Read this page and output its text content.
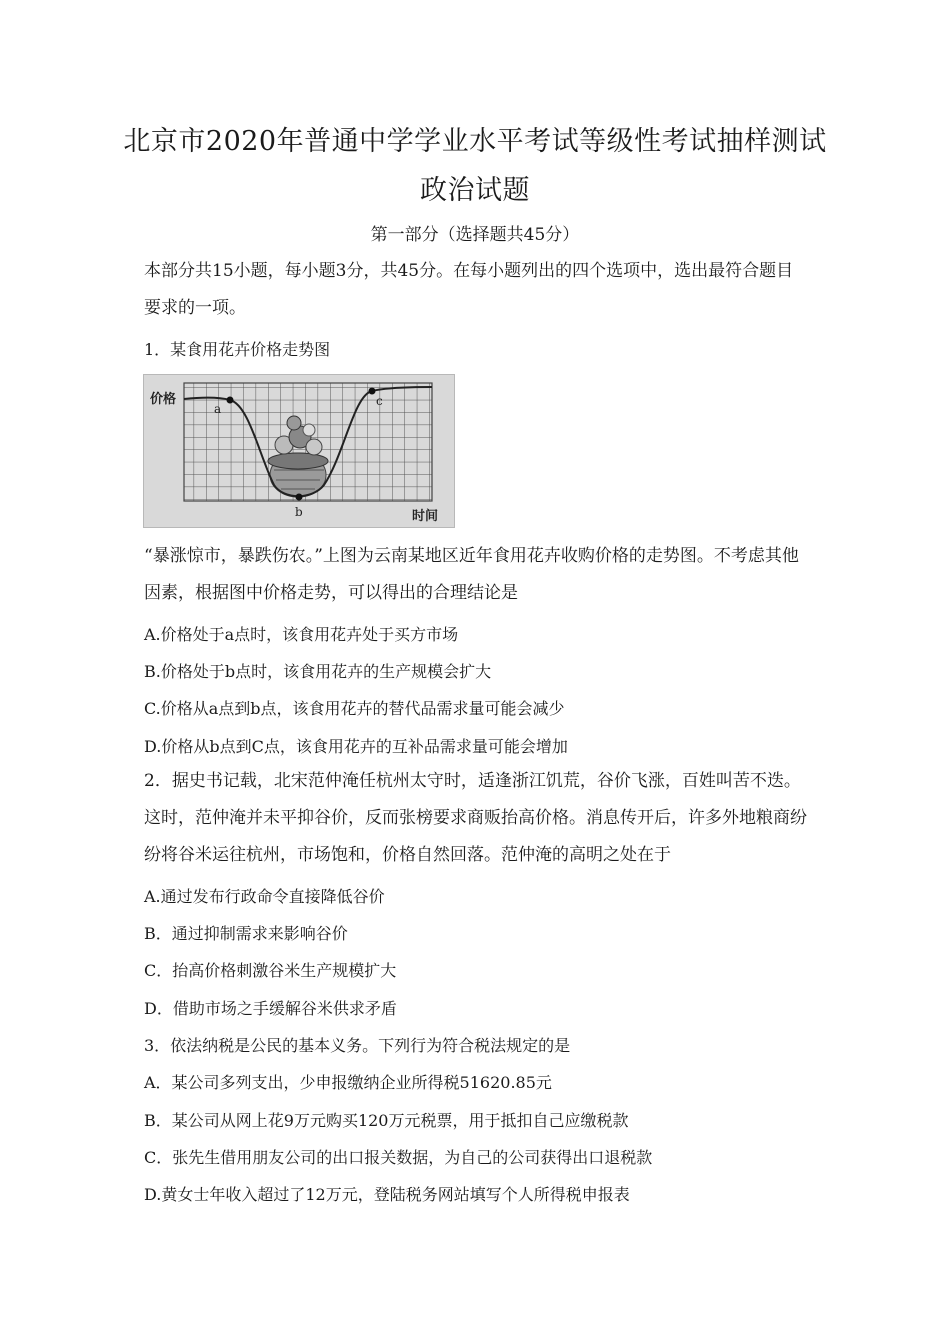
北京市2020年普通中学学业水平考试等级性考试抽样测试
政治试题
第一部分（选择题共45分）

本部分共15小题，每小题3分，共45分。在每小题列出的四个选项中，选出最符合题目要求的一项。

1．某食用花卉价格走势图
价格
时间
a
c
b

“暴涨惊市，暴跌伤农。”上图为云南某地区近年食用花卉收购价格的走势图。不考虑其他因素，根据图中价格走势，可以得出的合理结论是

A.价格处于a点时，该食用花卉处于买方市场
B.价格处于b点时，该食用花卉的生产规模会扩大
C.价格从a点到b点，该食用花卉的替代品需求量可能会减少
D.价格从b点到C点，该食用花卉的互补品需求量可能会增加

2．据史书记载，北宋范仲淹任杭州太守时，适逢浙江饥荒，谷价飞涨，百姓叫苦不迭。这时，范仲淹并未平抑谷价，反而张榜要求商贩抬高价格。消息传开后，许多外地粮商纷纷将谷米运往杭州，市场饱和，价格自然回落。范仲淹的高明之处在于

A.通过发布行政命令直接降低谷价
B．通过抑制需求来影响谷价
C．抬高价格刺激谷米生产规模扩大
D．借助市场之手缓解谷米供求矛盾
3．依法纳税是公民的基本义务。下列行为符合税法规定的是
A．某公司多列支出，少申报缴纳企业所得税51620.85元
B．某公司从网上花9万元购买120万元税票，用于抵扣自己应缴税款
C．张先生借用朋友公司的出口报关数据，为自己的公司获得出口退税款
D.黄女士年收入超过了12万元，登陆税务网站填写个人所得税申报表
